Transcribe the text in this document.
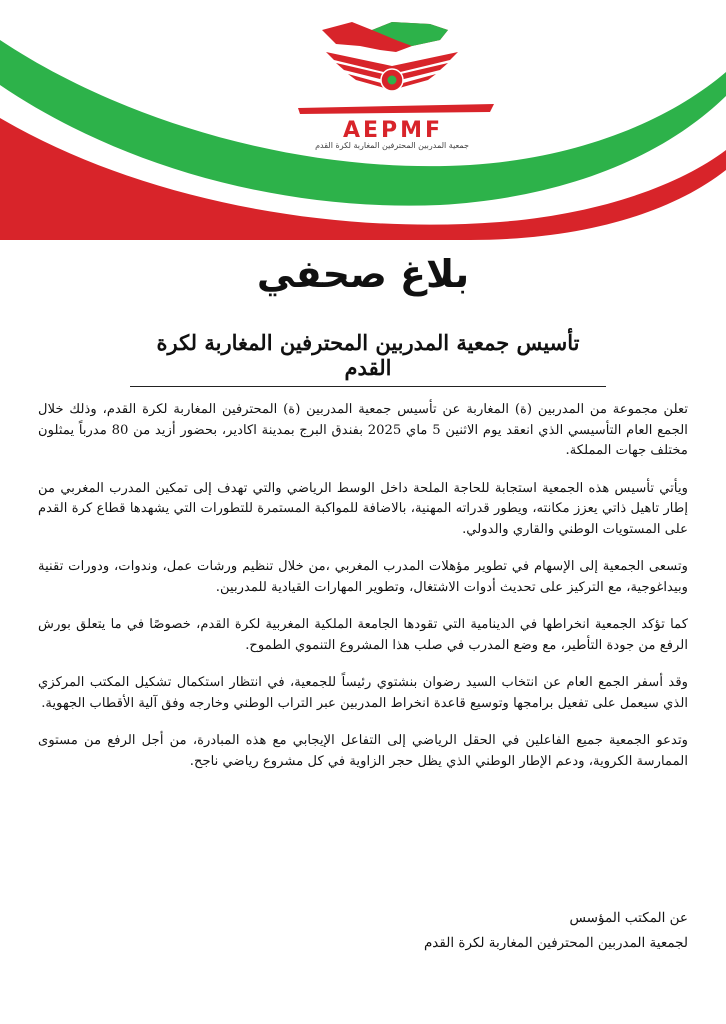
AEPMF
جمعية المدربين المحترفين المغاربة لكرة القدم
بلاغ صحفي
تأسيس جمعية المدربين المحترفين المغاربة لكرة القدم

تعلن مجموعة من المدربين (ة) المغاربة عن تأسيس جمعية المدربين (ة) المحترفين المغاربة لكرة القدم، وذلك خلال الجمع العام التأسيسي الذي انعقد يوم الاثنين 5 ماي 2025 بفندق البرج بمدينة اكادير، بحضور أزيد من 80 مدرباً يمثلون مختلف جهات المملكة.

ويأتي تأسيس هذه الجمعية استجابة للحاجة الملحة داخل الوسط الرياضي والتي تهدف إلى تمكين المدرب المغربي من إطار تاهيل ذاتي يعزز مكانته، ويطور قدراته المهنية، بالاضافة للمواكبة المستمرة للتطورات التي يشهدها قطاع كرة القدم على المستويات الوطني والقاري والدولي.

وتسعى الجمعية إلى الإسهام في تطوير مؤهلات المدرب المغربي ،من خلال تنظيم ورشات عمل، وندوات، ودورات تقنية وبيداغوجية، مع التركيز على تحديث أدوات الاشتغال، وتطوير المهارات القيادية للمدربين.

كما تؤكد الجمعية انخراطها في الدينامية التي تقودها الجامعة الملكية المغربية لكرة القدم، خصوصًا في ما يتعلق بورش الرفع من جودة التأطير، مع وضع المدرب في صلب هذا المشروع التنموي الطموح.

وقد أسفر الجمع العام عن انتخاب السيد رضوان بنشتوي رئيساً للجمعية، في انتظار استكمال تشكيل المكتب المركزي الذي سيعمل على تفعيل برامجها وتوسيع قاعدة انخراط المدربين عبر التراب الوطني وخارجه وفق آلية الأقطاب الجهوية.

وتدعو الجمعية جميع الفاعلين في الحقل الرياضي إلى التفاعل الإيجابي مع هذه المبادرة، من أجل الرفع من مستوى الممارسة الكروية، ودعم الإطار الوطني الذي يظل حجر الزاوية في كل مشروع رياضي ناجح.

عن المكتب المؤسس
لجمعية المدربين المحترفين المغاربة لكرة القدم
